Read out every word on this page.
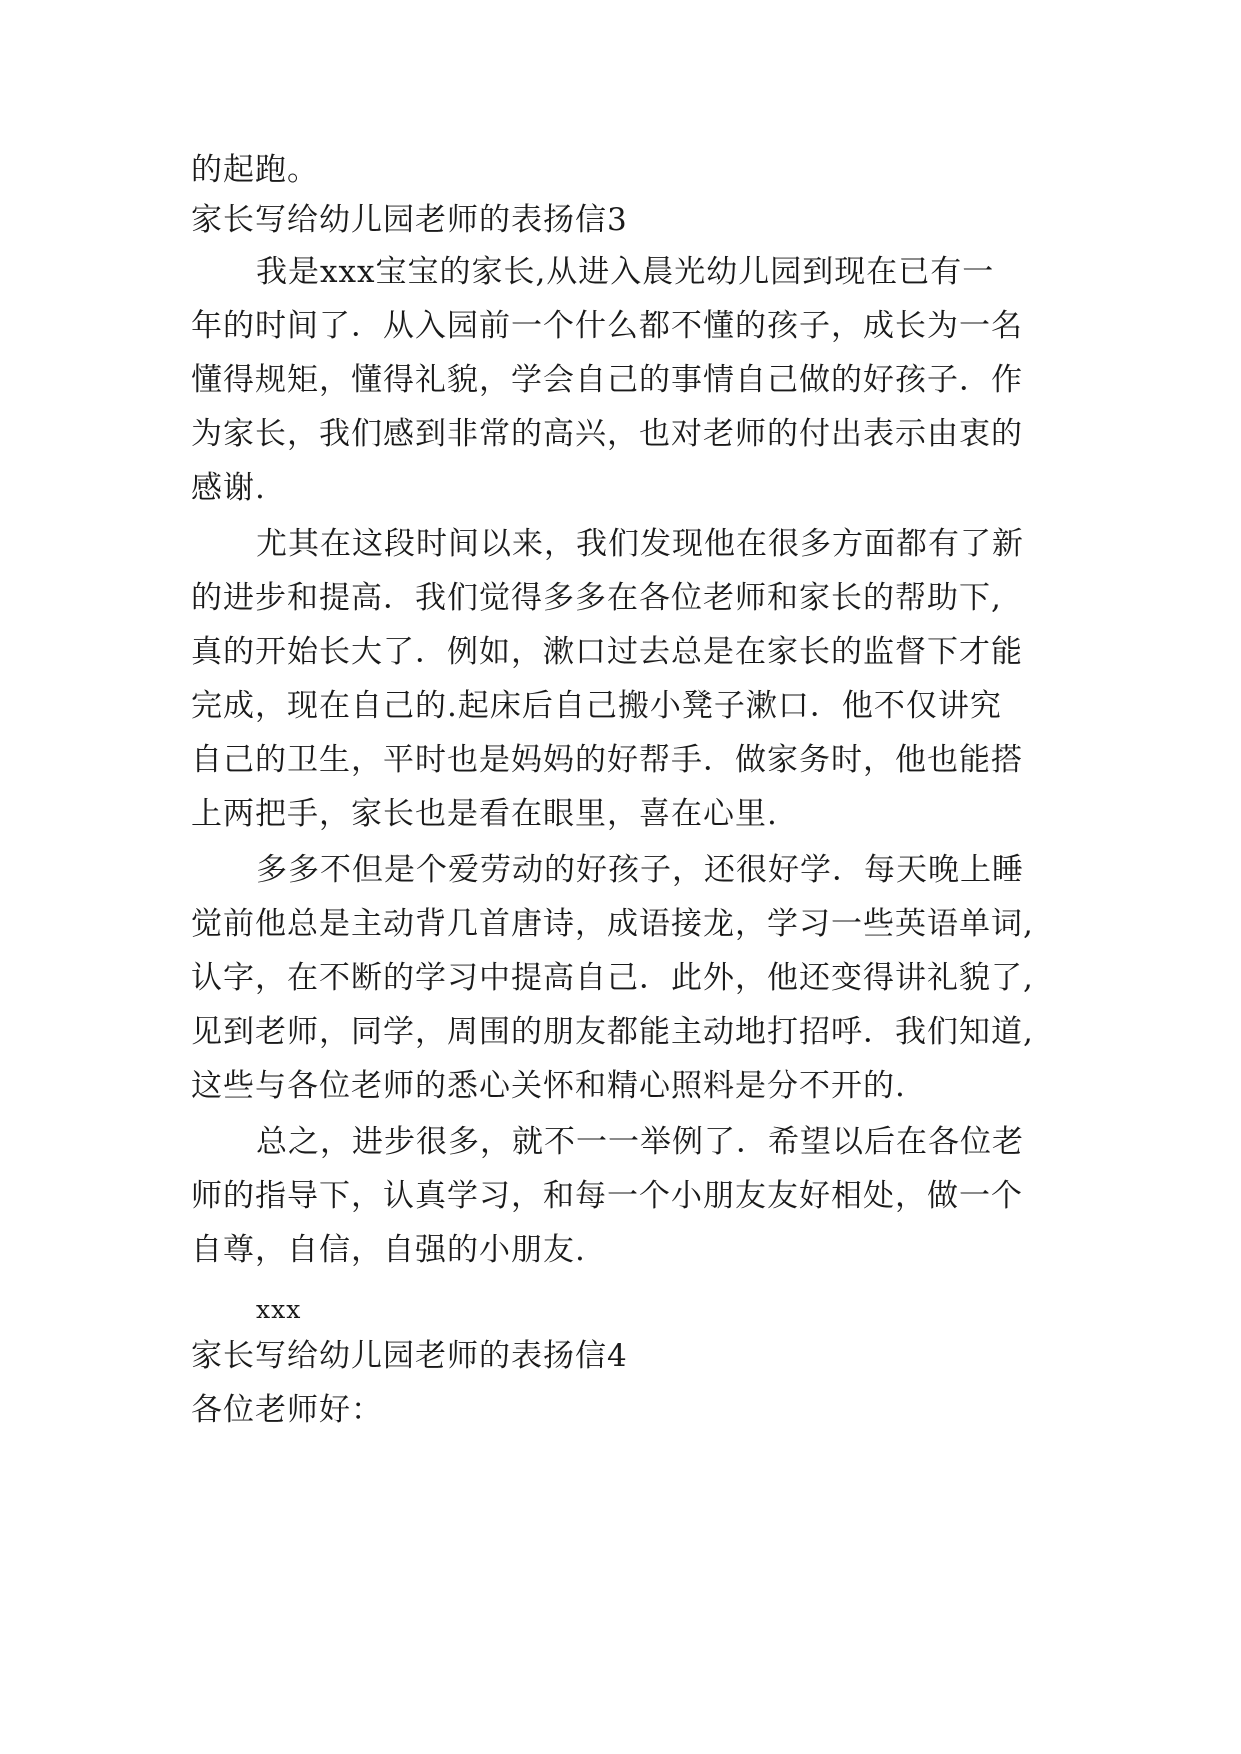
的起跑。

家长写给幼儿园老师的表扬信3

我是xxx宝宝的家长,从进入晨光幼儿园到现在已有一

年的时间了．从入园前一个什么都不懂的孩子，成长为一名

懂得规矩，懂得礼貌，学会自己的事情自己做的好孩子．作

为家长，我们感到非常的高兴，也对老师的付出表示由衷的

感谢.

尤其在这段时间以来，我们发现他在很多方面都有了新

的进步和提高．我们觉得多多在各位老师和家长的帮助下,

真的开始长大了．例如，漱口过去总是在家长的监督下才能

完成，现在自己的.起床后自己搬小凳子漱口．他不仅讲究

自己的卫生，平时也是妈妈的好帮手．做家务时，他也能搭

上两把手，家长也是看在眼里，喜在心里.

多多不但是个爱劳动的好孩子，还很好学．每天晚上睡

觉前他总是主动背几首唐诗，成语接龙，学习一些英语单词,

认字，在不断的学习中提高自己．此外，他还变得讲礼貌了,

见到老师，同学，周围的朋友都能主动地打招呼．我们知道,

这些与各位老师的悉心关怀和精心照料是分不开的.

总之，进步很多，就不一一举例了．希望以后在各位老

师的指导下，认真学习，和每一个小朋友友好相处，做一个

自尊，自信，自强的小朋友.

xxx

家长写给幼儿园老师的表扬信4

各位老师好：
